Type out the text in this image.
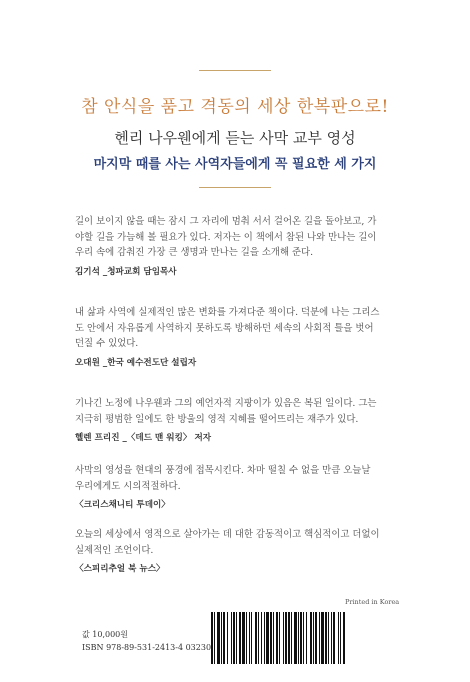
참 안식을 품고 격동의 세상 한복판으로!
헨리 나우웬에게 듣는 사막 교부 영성
마지막 때를 사는 사역자들에게 꼭 필요한 세 가지

길이 보이지 않을 때는 잠시 그 자리에 멈춰 서서 걸어온 길을 돌아보고, 가
야할 길을 가늠해 볼 필요가 있다. 저자는 이 책에서 참된 나와 만나는 길이
우리 속에 감춰진 가장 큰 생명과 만나는 길을 소개해 준다.

김기석 _청파교회 담임목사

내 삶과 사역에 실제적인 많은 변화를 가져다준 책이다. 덕분에 나는 그리스
도 안에서 자유롭게 사역하지 못하도록 방해하던 세속의 사회적 틀을 벗어
던질 수 있었다.

오대원 _한국 예수전도단 설립자

기나긴 노정에 나우웬과 그의 예언자적 지팡이가 있음은 복된 일이다. 그는
지극히 평범한 일에도 한 방울의 영적 지혜를 떨어뜨리는 재주가 있다.

헬렌 프리진 _〈데드 맨 워킹〉 저자

사막의 영성을 현대의 풍경에 접목시킨다. 차마 떨칠 수 없을 만큼 오늘날
우리에게도 시의적절하다.

〈크리스채니티 투데이〉

오늘의 세상에서 영적으로 살아가는 데 대한 감동적이고 핵심적이고 더없이
실제적인 조언이다.

〈스피리추얼 북 뉴스〉
Printed in Korea
값 10,000원
ISBN 978-89-531-2413-4 03230
